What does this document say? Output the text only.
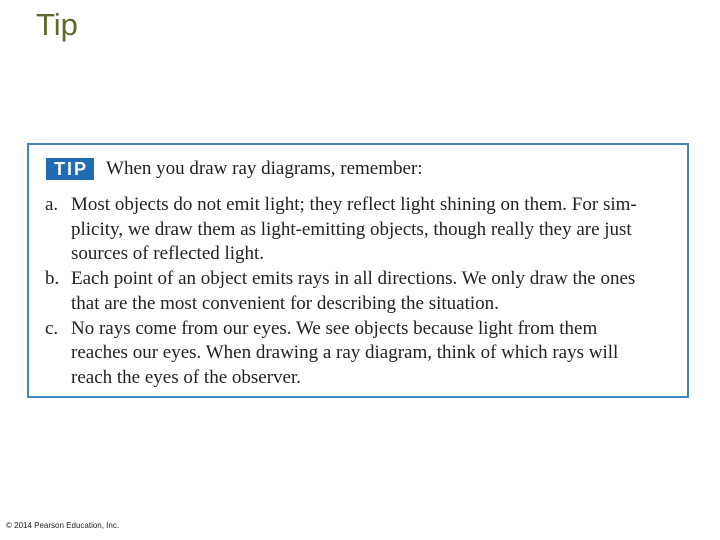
Tip
TIP When you draw ray diagrams, remember:
a. Most objects do not emit light; they reflect light shining on them. For sim-
plicity, we draw them as light-emitting objects, though really they are just
sources of reflected light.
b. Each point of an object emits rays in all directions. We only draw the ones
that are the most convenient for describing the situation.
c. No rays come from our eyes. We see objects because light from them
reaches our eyes. When drawing a ray diagram, think of which rays will
reach the eyes of the observer.
© 2014 Pearson Education, Inc.
